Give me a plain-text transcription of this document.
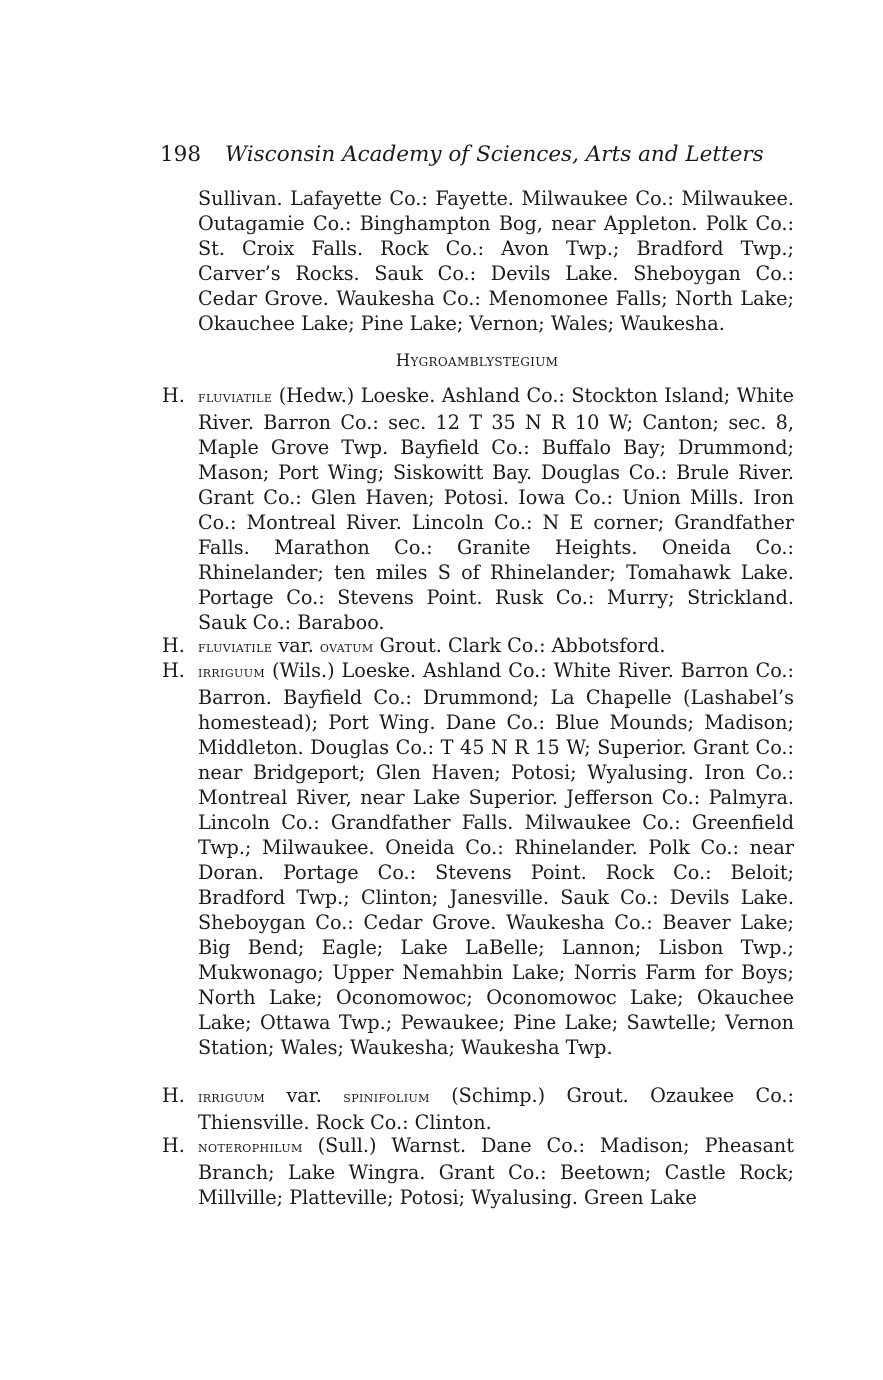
198 Wisconsin Academy of Sciences, Arts and Letters
Sullivan. Lafayette Co.: Fayette. Milwaukee Co.: Milwaukee. Outagamie Co.: Binghampton Bog, near Appleton. Polk Co.: St. Croix Falls. Rock Co.: Avon Twp.; Bradford Twp.; Carver’s Rocks. Sauk Co.: Devils Lake. Sheboygan Co.: Cedar Grove. Waukesha Co.: Menomonee Falls; North Lake; Okauchee Lake; Pine Lake; Vernon; Wales; Waukesha.
Hygroamblystegium
H. fluviatile (Hedw.) Loeske. Ashland Co.: Stockton Island; White River. Barron Co.: sec. 12 T 35 N R 10 W; Canton; sec. 8, Maple Grove Twp. Bayfield Co.: Buffalo Bay; Drummond; Mason; Port Wing; Siskowitt Bay. Douglas Co.: Brule River. Grant Co.: Glen Haven; Potosi. Iowa Co.: Union Mills. Iron Co.: Montreal River. Lincoln Co.: N E corner; Grandfather Falls. Marathon Co.: Granite Heights. Oneida Co.: Rhinelander; ten miles S of Rhinelander; Tomahawk Lake. Portage Co.: Stevens Point. Rusk Co.: Murry; Strickland. Sauk Co.: Baraboo.
H. fluviatile var. ovatum Grout. Clark Co.: Abbotsford.
H. irriguum (Wils.) Loeske. Ashland Co.: White River. Barron Co.: Barron. Bayfield Co.: Drummond; La Chapelle (Lashabel’s homestead); Port Wing. Dane Co.: Blue Mounds; Madison; Middleton. Douglas Co.: T 45 N R 15 W; Superior. Grant Co.: near Bridgeport; Glen Haven; Potosi; Wyalusing. Iron Co.: Montreal River, near Lake Superior. Jefferson Co.: Palmyra. Lincoln Co.: Grandfather Falls. Milwaukee Co.: Greenfield Twp.; Milwaukee. Oneida Co.: Rhinelander. Polk Co.: near Doran. Portage Co.: Stevens Point. Rock Co.: Beloit; Bradford Twp.; Clinton; Janesville. Sauk Co.: Devils Lake. Sheboygan Co.: Cedar Grove. Waukesha Co.: Beaver Lake; Big Bend; Eagle; Lake LaBelle; Lannon; Lisbon Twp.; Mukwonago; Upper Nemahbin Lake; Norris Farm for Boys; North Lake; Oconomowoc; Oconomowoc Lake; Okauchee Lake; Ottawa Twp.; Pewaukee; Pine Lake; Sawtelle; Vernon Station; Wales; Waukesha; Waukesha Twp.
H. irriguum var. spinifolium (Schimp.) Grout. Ozaukee Co.: Thiensville. Rock Co.: Clinton.
H. noterophilum (Sull.) Warnst. Dane Co.: Madison; Pheasant Branch; Lake Wingra. Grant Co.: Beetown; Castle Rock; Millville; Platteville; Potosi; Wyalusing. Green Lake
